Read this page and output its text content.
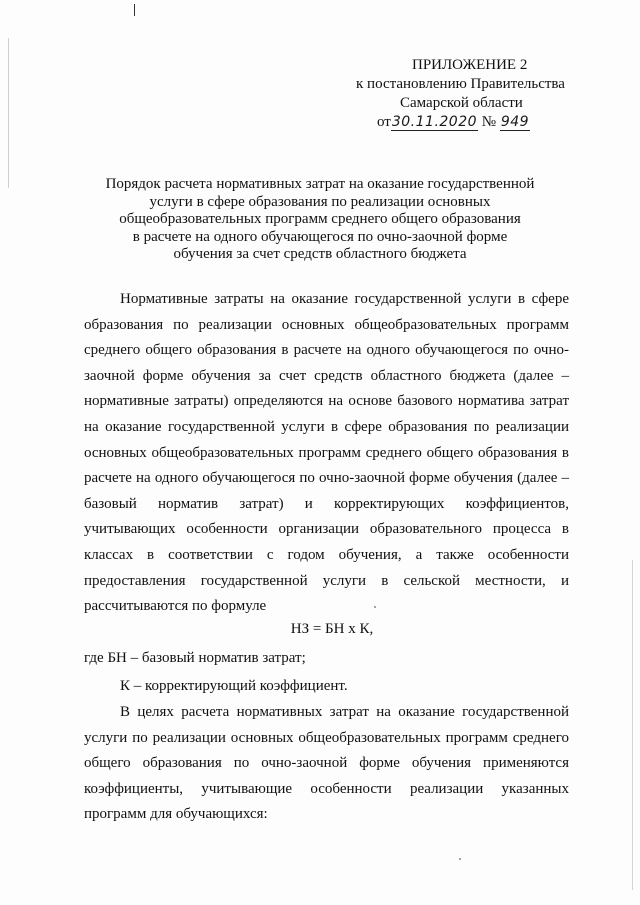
ПРИЛОЖЕНИЕ 2
к постановлению Правительства
Самарской области
от30.11.2020 № 949
Порядок расчета нормативных затрат на оказание государственной
услуги в сфере образования по реализации основных
общеобразовательных программ среднего общего образования
в расчете на одного обучающегося по очно-заочной форме
обучения за счет средств областного бюджета
Нормативные затраты на оказание государственной услуги в сфере
образования по реализации основных общеобразовательных программ
среднего общего образования в расчете на одного обучающегося по очно-
заочной форме обучения за счет средств областного бюджета (далее –
нормативные затраты) определяются на основе базового норматива затрат
на оказание государственной услуги в сфере образования по реализации
основных общеобразовательных программ среднего общего образования в
расчете на одного обучающегося по очно-заочной форме обучения (далее –
базовый норматив затрат) и корректирующих коэффициентов,
учитывающих особенности организации образовательного процесса в
классах в соответствии с годом обучения, а также особенности
предоставления государственной услуги в сельской местности, и
рассчитываются по формуле
НЗ = БН х К,
где БН – базовый норматив затрат;
К – корректирующий коэффициент.
В целях расчета нормативных затрат на оказание государственной
услуги по реализации основных общеобразовательных программ среднего
общего образования по очно-заочной форме обучения применяются
коэффициенты, учитывающие особенности реализации указанных
программ для обучающихся:
